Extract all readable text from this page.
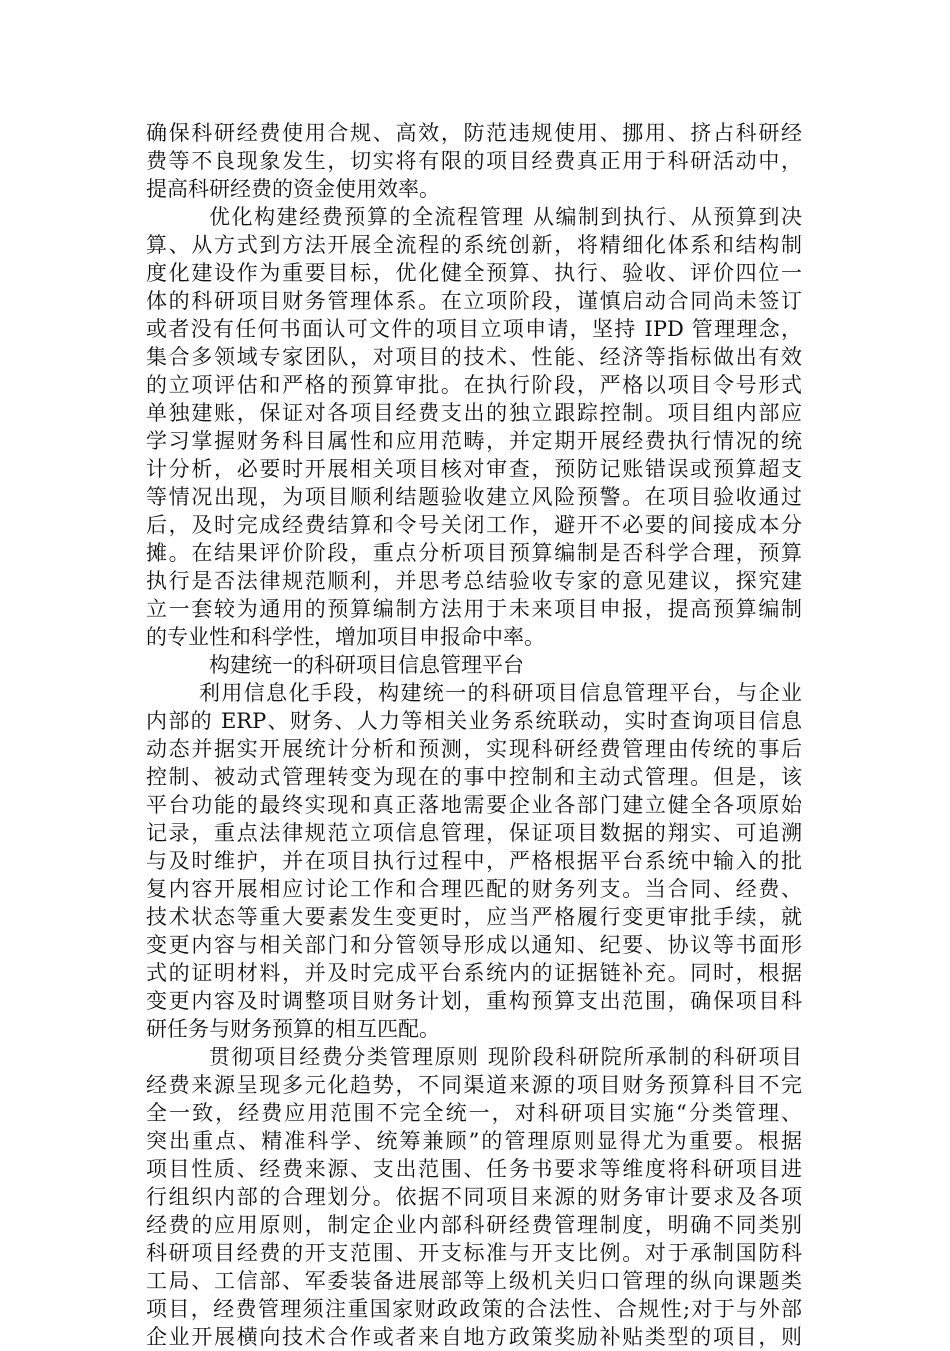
确保科研经费使用合规、高效，防范违规使用、挪用、挤占科研经
费等不良现象发生，切实将有限的项目经费真正用于科研活动中，
提高科研经费的资金使用效率。
优化构建经费预算的全流程管理 从编制到执行、从预算到决
算、从方式到方法开展全流程的系统创新，将精细化体系和结构制
度化建设作为重要目标，优化健全预算、执行、验收、评价四位一
体的科研项目财务管理体系。在立项阶段，谨慎启动合同尚未签订
或者没有任何书面认可文件的项目立项申请，坚持 IPD 管理理念，
集合多领域专家团队，对项目的技术、性能、经济等指标做出有效
的立项评估和严格的预算审批。在执行阶段，严格以项目令号形式
单独建账，保证对各项目经费支出的独立跟踪控制。项目组内部应
学习掌握财务科目属性和应用范畴，并定期开展经费执行情况的统
计分析，必要时开展相关项目核对审查，预防记账错误或预算超支
等情况出现，为项目顺利结题验收建立风险预警。在项目验收通过
后，及时完成经费结算和令号关闭工作，避开不必要的间接成本分
摊。在结果评价阶段，重点分析项目预算编制是否科学合理，预算
执行是否法律规范顺利，并思考总结验收专家的意见建议，探究建
立一套较为通用的预算编制方法用于未来项目申报，提高预算编制
的专业性和科学性，增加项目申报命中率。
构建统一的科研项目信息管理平台
利用信息化手段，构建统一的科研项目信息管理平台，与企业
内部的 ERP、财务、人力等相关业务系统联动，实时查询项目信息
动态并据实开展统计分析和预测，实现科研经费管理由传统的事后
控制、被动式管理转变为现在的事中控制和主动式管理。但是，该
平台功能的最终实现和真正落地需要企业各部门建立健全各项原始
记录，重点法律规范立项信息管理，保证项目数据的翔实、可追溯
与及时维护，并在项目执行过程中，严格根据平台系统中输入的批
复内容开展相应讨论工作和合理匹配的财务列支。当合同、经费、
技术状态等重大要素发生变更时，应当严格履行变更审批手续，就
变更内容与相关部门和分管领导形成以通知、纪要、协议等书面形
式的证明材料，并及时完成平台系统内的证据链补充。同时，根据
变更内容及时调整项目财务计划，重构预算支出范围，确保项目科
研任务与财务预算的相互匹配。
贯彻项目经费分类管理原则 现阶段科研院所承制的科研项目
经费来源呈现多元化趋势，不同渠道来源的项目财务预算科目不完
全一致，经费应用范围不完全统一，对科研项目实施“分类管理、
突出重点、精准科学、统筹兼顾”的管理原则显得尤为重要。根据
项目性质、经费来源、支出范围、任务书要求等维度将科研项目进
行组织内部的合理划分。依据不同项目来源的财务审计要求及各项
经费的应用原则，制定企业内部科研经费管理制度，明确不同类别
科研项目经费的开支范围、开支标准与开支比例。对于承制国防科
工局、工信部、军委装备进展部等上级机关归口管理的纵向课题类
项目，经费管理须注重国家财政政策的合法性、合规性;对于与外部
企业开展横向技术合作或者来自地方政策奖励补贴类型的项目，则
